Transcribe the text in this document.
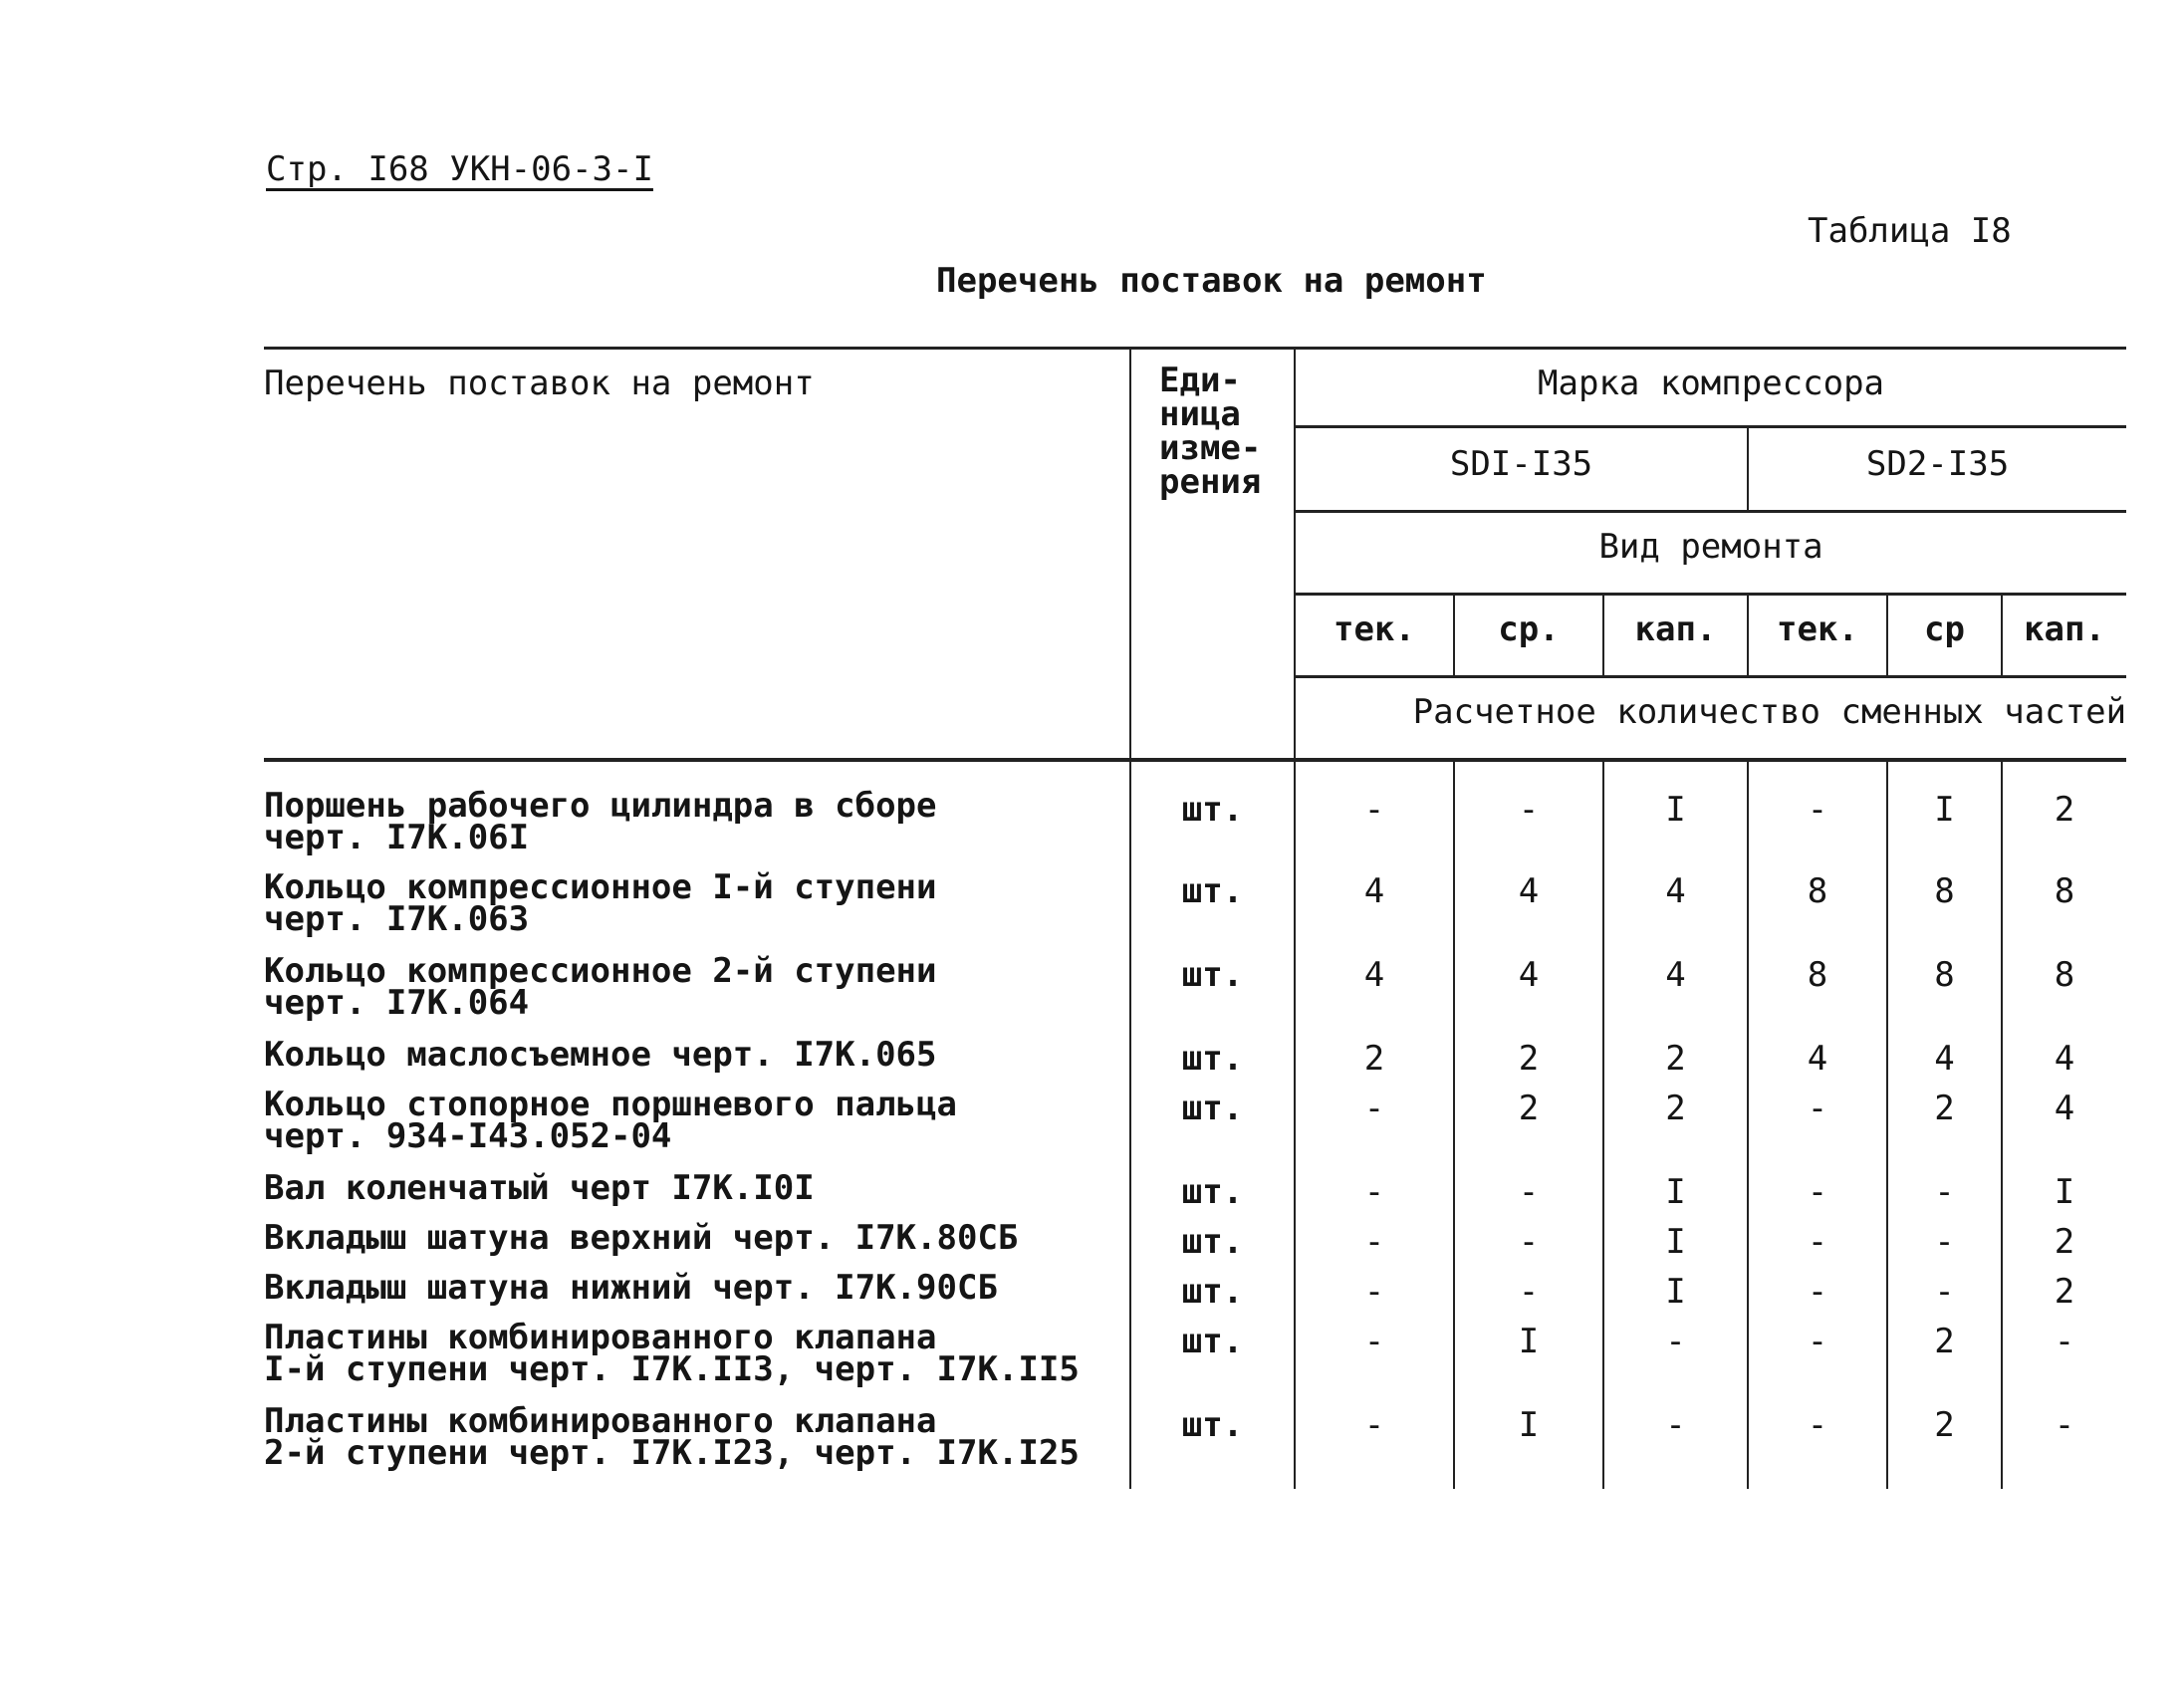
Стр. I68 УКН-06-3-I
Таблица I8
Перечень поставок на ремонт
Перечень поставок на ремонт	Еди-
ница
изме-
рения	Марка компрессора					
		SDI-I35			SD2-I35		
		Вид ремонта					
		тек.	ср.	кап.	тек.	ср	кап.
		Расчетное количество сменных частей					

Поршень рабочего цилиндра в сборе
черт. I7К.06I	шт.	-	-	I	-	I	2

Кольцо компрессионное I-й ступени
черт. I7К.063	шт.	4	4	4	8	8	8

Кольцо компрессионное 2-й ступени
черт. I7К.064	шт.	4	4	4	8	8	8

Кольцо маслосъемное черт. I7К.065	шт.	2	2	2	4	4	4

Кольцо стопорное поршневого пальца
черт. 934-I43.052-04	шт.	-	2	2	-	2	4

Вал коленчатый черт I7К.I0I	шт.	-	-	I	-	-	I

Вкладыш шатуна верхний черт. I7К.80СБ	шт.	-	-	I	-	-	2

Вкладыш шатуна нижний черт. I7К.90СБ	шт.	-	-	I	-	-	2

Пластины комбинированного клапана
I-й ступени черт. I7К.II3, черт. I7К.II5	шт.	-	I	-	-	2	-

Пластины комбинированного клапана
2-й ступени черт. I7К.I23, черт. I7К.I25	шт.	-	I	-	-	2	-
